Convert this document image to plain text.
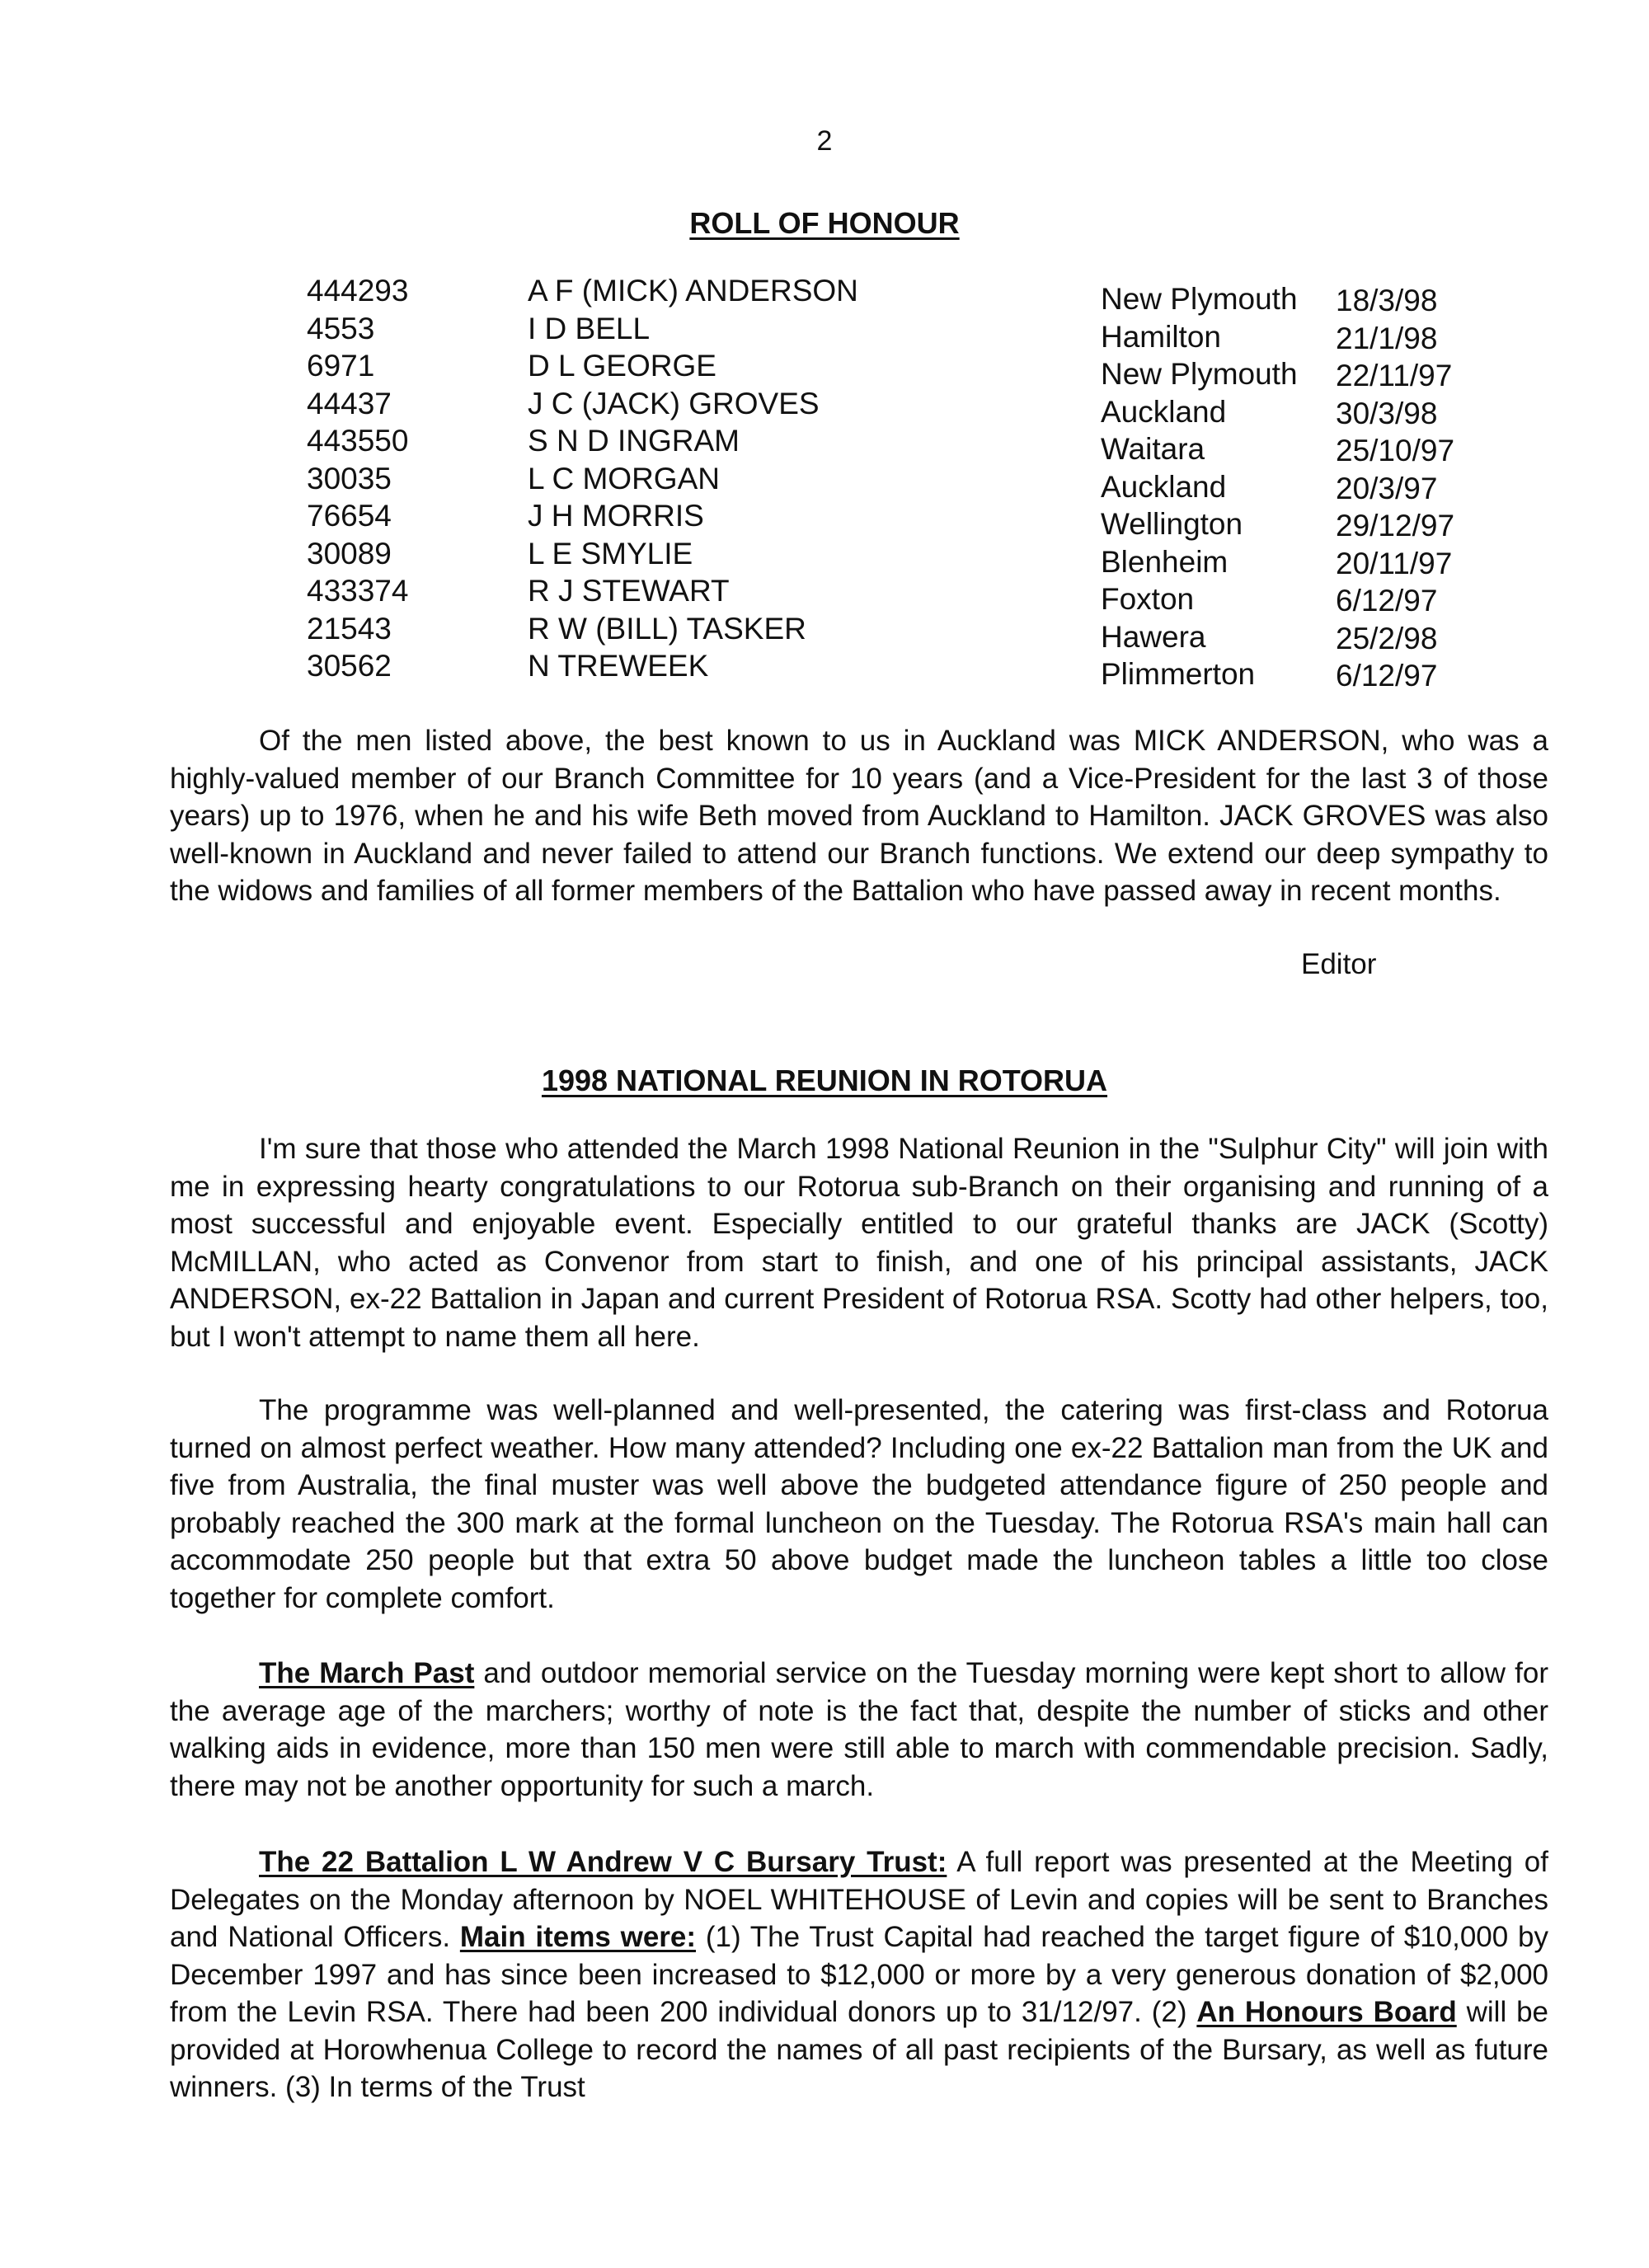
2
ROLL OF HONOUR
444293	A F (MICK) ANDERSON	New Plymouth	18/3/98
4553	I D BELL	Hamilton	21/1/98
6971	D L GEORGE	New Plymouth	22/11/97
44437	J C (JACK) GROVES	Auckland	30/3/98
443550	S N D INGRAM	Waitara	25/10/97
30035	L C MORGAN	Auckland	20/3/97
76654	J H MORRIS	Wellington	29/12/97
30089	L E SMYLIE	Blenheim	20/11/97
433374	R J STEWART	Foxton	6/12/97
21543	R W (BILL) TASKER	Hawera	25/2/98
30562	N TREWEEK	Plimmerton	6/12/97

Of the men listed above, the best known to us in Auckland was MICK ANDERSON, who was a highly-valued member of our Branch Committee for 10 years (and a Vice-President for the last 3 of those years) up to 1976, when he and his wife Beth moved from Auckland to Hamilton. JACK GROVES was also well-known in Auckland and never failed to attend our Branch functions. We extend our deep sympathy to the widows and families of all former members of the Battalion who have passed away in recent months.

Editor
1998 NATIONAL REUNION IN ROTORUA

I'm sure that those who attended the March 1998 National Reunion in the "Sulphur City" will join with me in expressing hearty congratulations to our Rotorua sub-Branch on their organising and running of a most successful and enjoyable event. Especially entitled to our grateful thanks are JACK (Scotty) McMILLAN, who acted as Convenor from start to finish, and one of his principal assistants, JACK ANDERSON, ex-22 Battalion in Japan and current President of Rotorua RSA. Scotty had other helpers, too, but I won't attempt to name them all here.

The programme was well-planned and well-presented, the catering was first-class and Rotorua turned on almost perfect weather. How many attended? Including one ex-22 Battalion man from the UK and five from Australia, the final muster was well above the budgeted attendance figure of 250 people and probably reached the 300 mark at the formal luncheon on the Tuesday. The Rotorua RSA's main hall can accommodate 250 people but that extra 50 above budget made the luncheon tables a little too close together for complete comfort.

The March Past and outdoor memorial service on the Tuesday morning were kept short to allow for the average age of the marchers; worthy of note is the fact that, despite the number of sticks and other walking aids in evidence, more than 150 men were still able to march with commendable precision. Sadly, there may not be another opportunity for such a march.

The 22 Battalion L W Andrew V C Bursary Trust: A full report was presented at the Meeting of Delegates on the Monday afternoon by NOEL WHITEHOUSE of Levin and copies will be sent to Branches and National Officers. Main items were: (1) The Trust Capital had reached the target figure of $10,000 by December 1997 and has since been increased to $12,000 or more by a very generous donation of $2,000 from the Levin RSA. There had been 200 individual donors up to 31/12/97. (2) An Honours Board will be provided at Horowhenua College to record the names of all past recipients of the Bursary, as well as future winners. (3) In terms of the Trust
